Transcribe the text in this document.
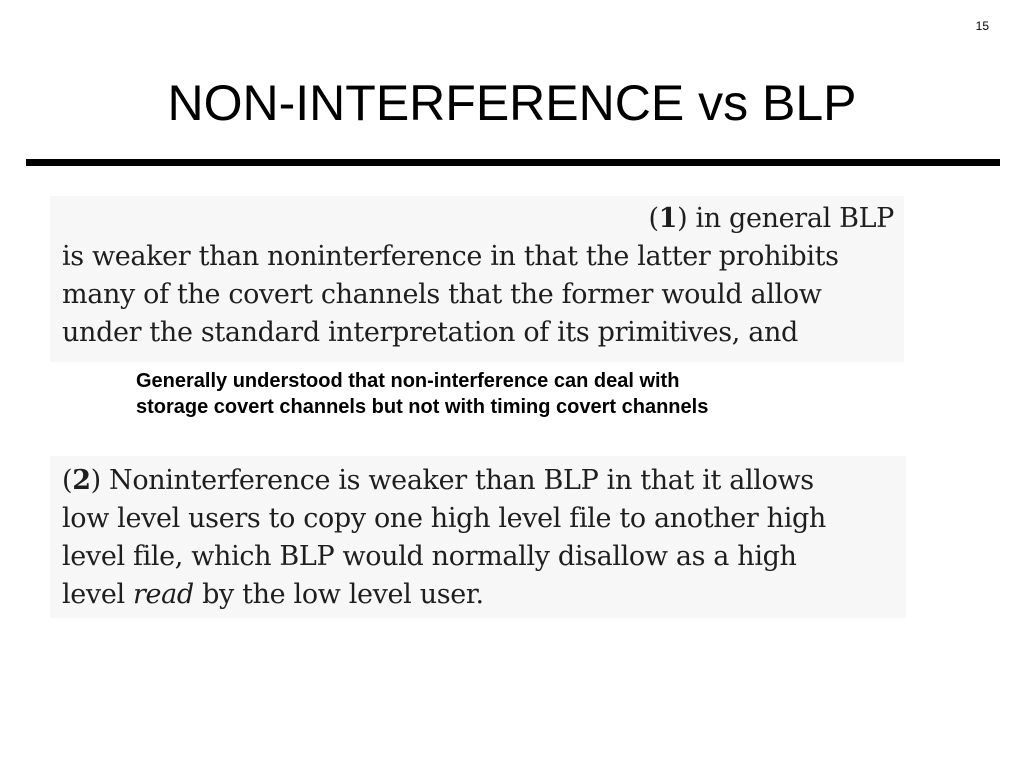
15
NON-INTERFERENCE vs BLP
(1) in general BLP
is weaker than noninterference in that the latter prohibits
many of the covert channels that the former would allow
under the standard interpretation of its primitives, and
Generally understood that non-interference can deal with
storage covert channels but not with timing covert channels
(2) Noninterference is weaker than BLP in that it allows
low level users to copy one high level file to another high
level file, which BLP would normally disallow as a high
level read by the low level user.
